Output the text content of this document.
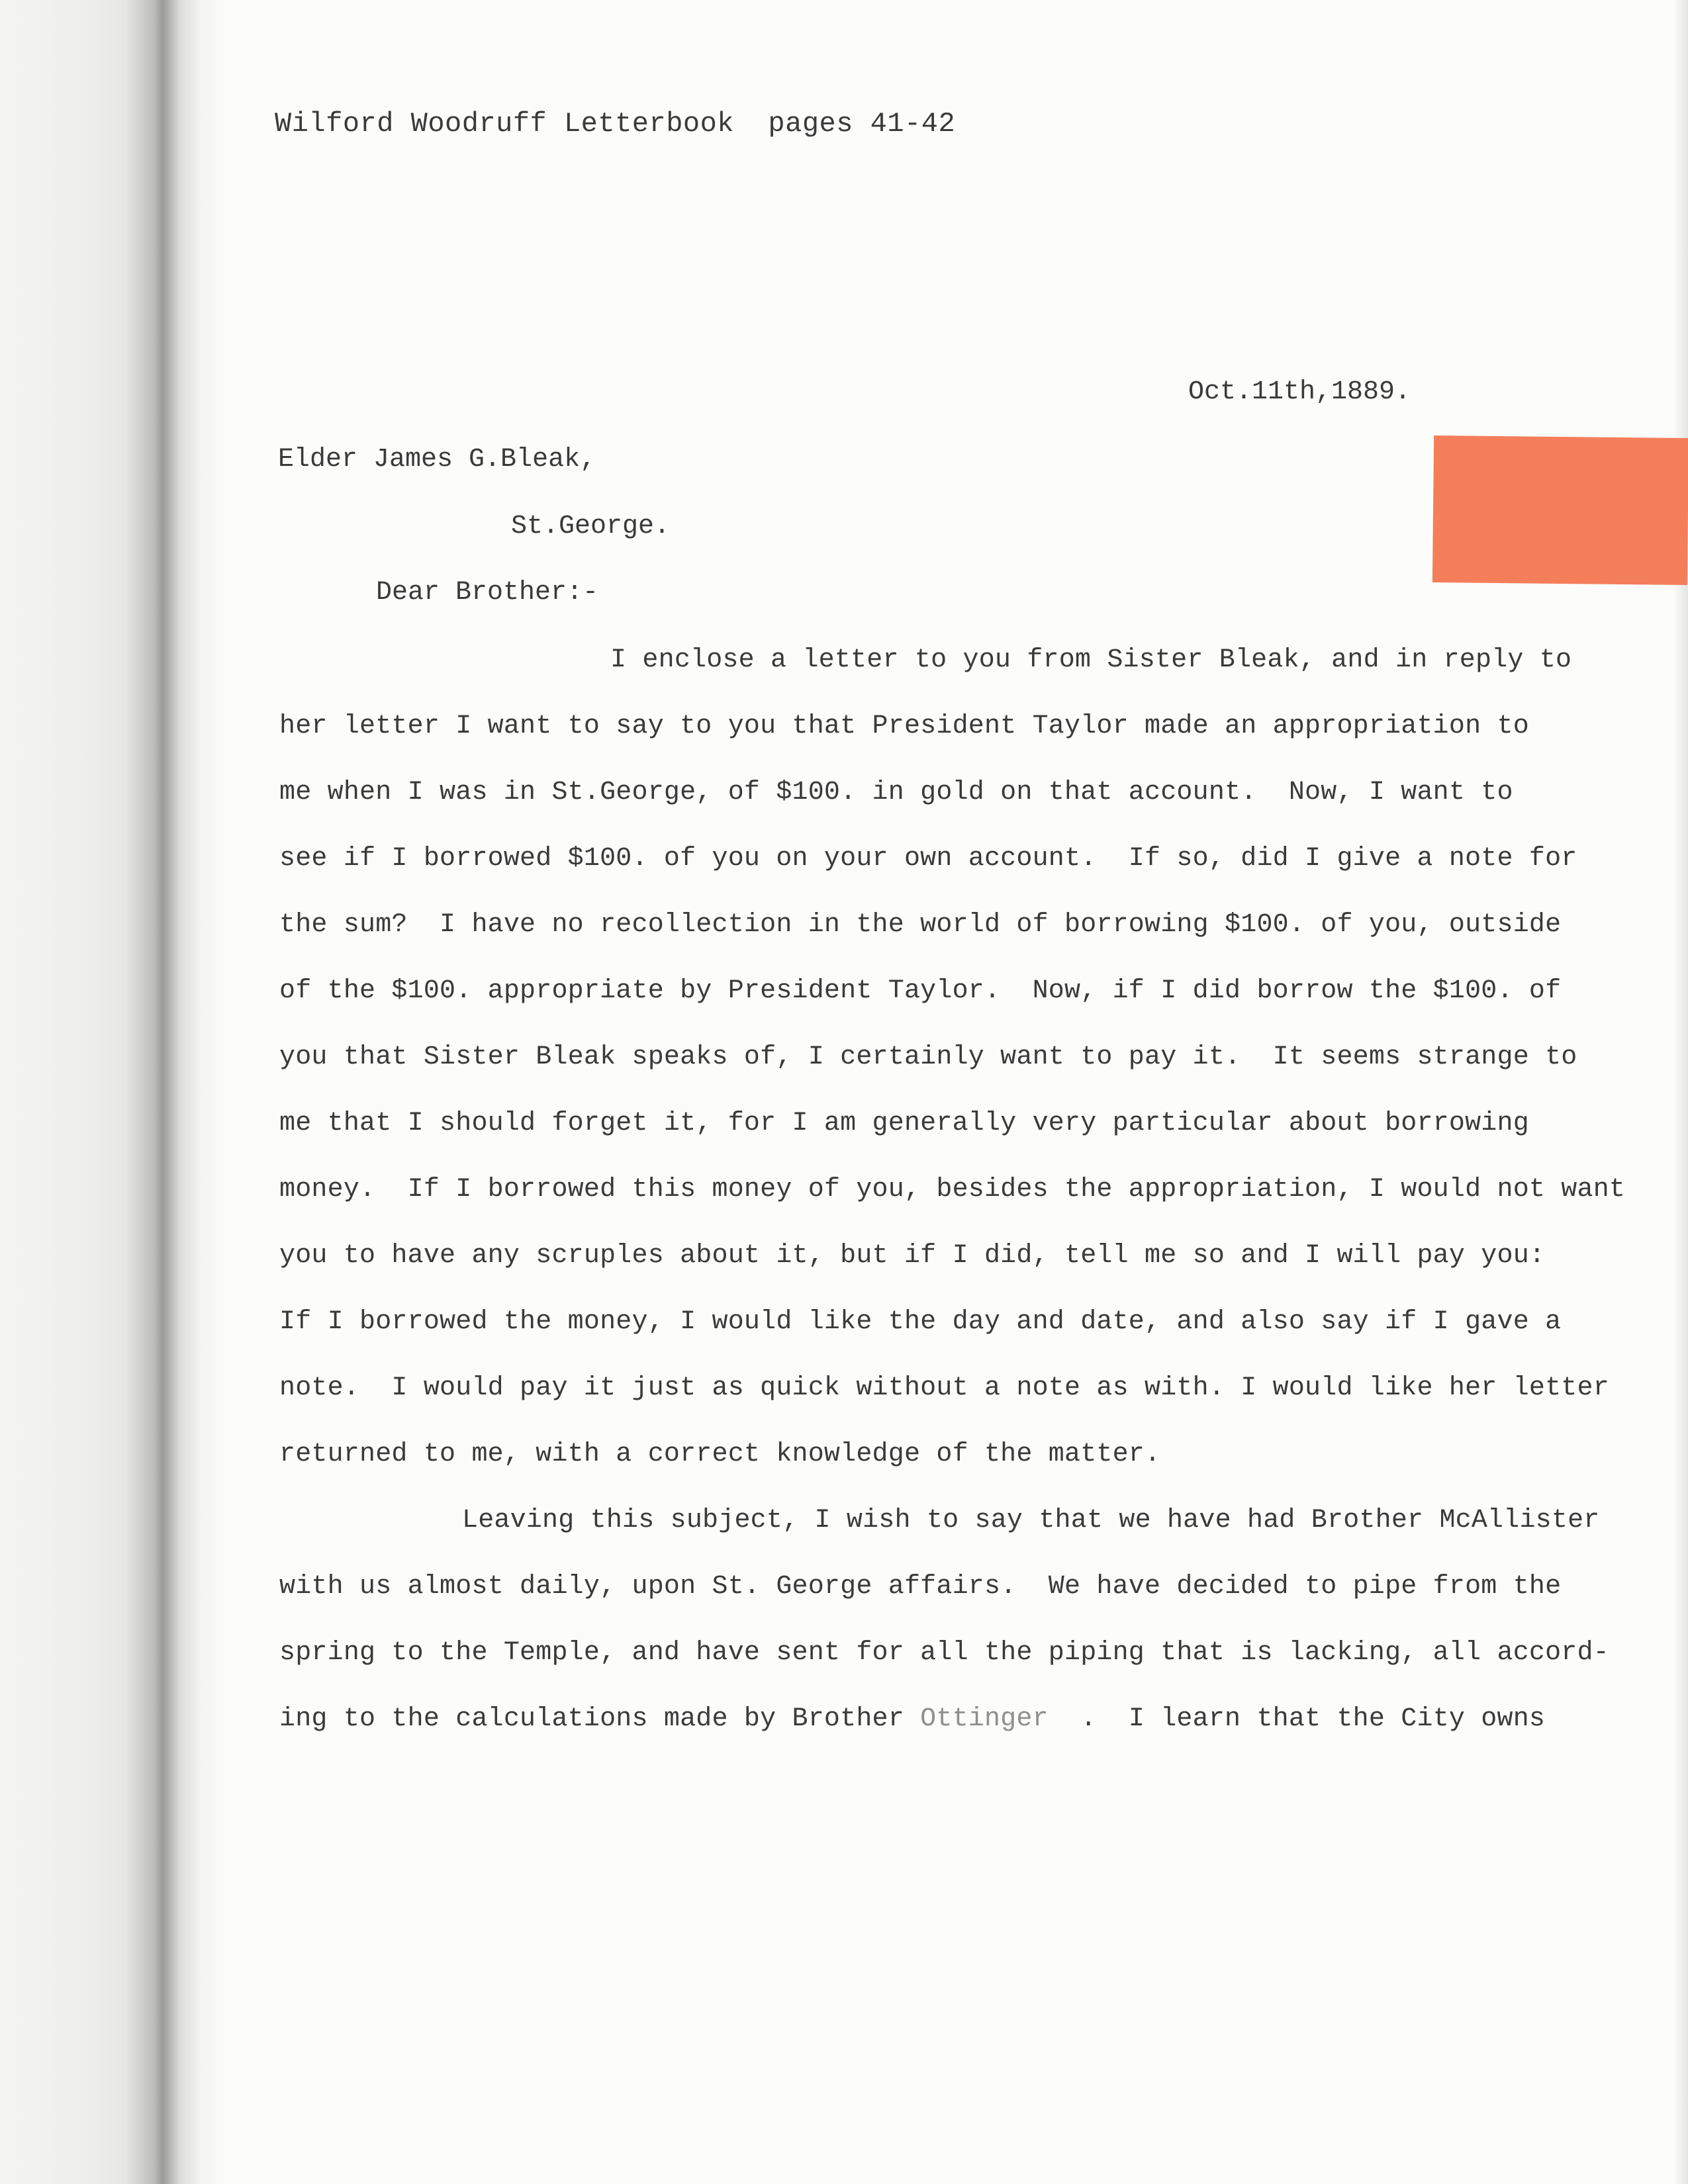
Wilford Woodruff Letterbook  pages 41-42
Oct.11th,1889.
Elder James G.Bleak,
St.George.
Dear Brother:-
I enclose a letter to you from Sister Bleak, and in reply to
her letter I want to say to you that President Taylor made an appropriation to
me when I was in St.George, of $100. in gold on that account.  Now, I want to
see if I borrowed $100. of you on your own account.  If so, did I give a note for
the sum?  I have no recollection in the world of borrowing $100. of you, outside
of the $100. appropriate by President Taylor.  Now, if I did borrow the $100. of
you that Sister Bleak speaks of, I certainly want to pay it.  It seems strange to
me that I should forget it, for I am generally very particular about borrowing
money.  If I borrowed this money of you, besides the appropriation, I would not want
you to have any scruples about it, but if I did, tell me so and I will pay you:
If I borrowed the money, I would like the day and date, and also say if I gave a
note.  I would pay it just as quick without a note as with. I would like her letter
returned to me, with a correct knowledge of the matter.
Leaving this subject, I wish to say that we have had Brother McAllister
with us almost daily, upon St. George affairs.  We have decided to pipe from the
spring to the Temple, and have sent for all the piping that is lacking, all accord-
ing to the calculations made by Brother Ottinger  .  I learn that the City owns
